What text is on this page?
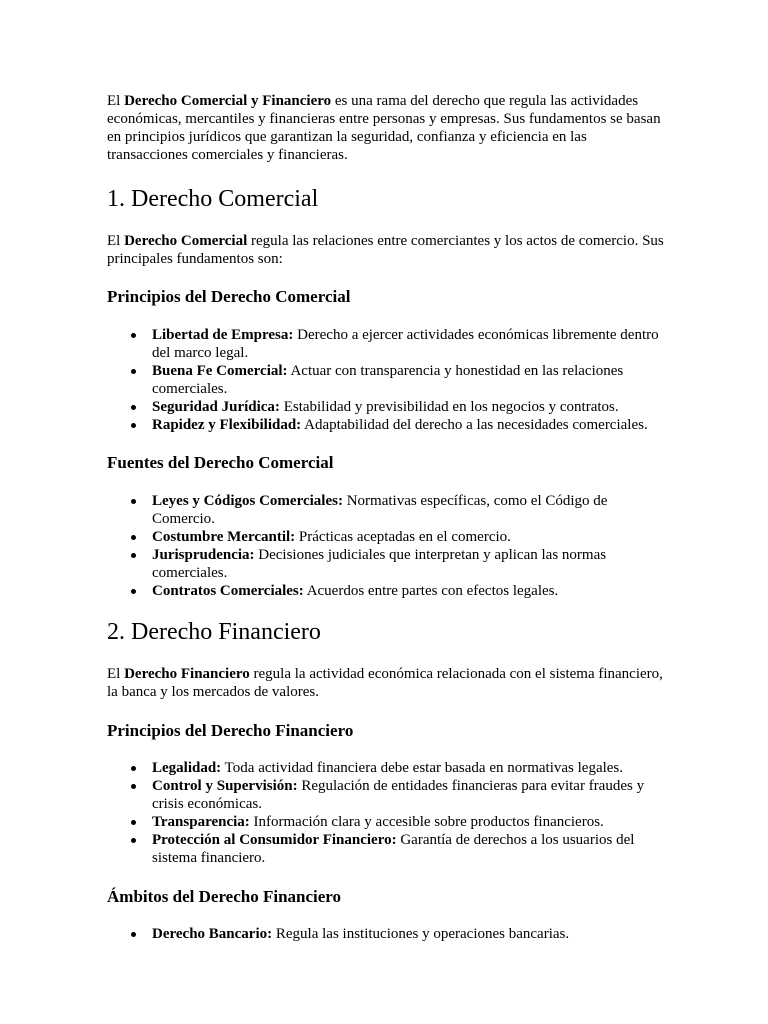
El Derecho Comercial y Financiero es una rama del derecho que regula las actividades económicas, mercantiles y financieras entre personas y empresas. Sus fundamentos se basan en principios jurídicos que garantizan la seguridad, confianza y eficiencia en las transacciones comerciales y financieras.

1. Derecho Comercial

El Derecho Comercial regula las relaciones entre comerciantes y los actos de comercio. Sus principales fundamentos son:

Principios del Derecho Comercial
Libertad de Empresa: Derecho a ejercer actividades económicas libremente dentro del marco legal.
Buena Fe Comercial: Actuar con transparencia y honestidad en las relaciones comerciales.
Seguridad Jurídica: Estabilidad y previsibilidad en los negocios y contratos.
Rapidez y Flexibilidad: Adaptabilidad del derecho a las necesidades comerciales.
Fuentes del Derecho Comercial
Leyes y Códigos Comerciales: Normativas específicas, como el Código de Comercio.
Costumbre Mercantil: Prácticas aceptadas en el comercio.
Jurisprudencia: Decisiones judiciales que interpretan y aplican las normas comerciales.
Contratos Comerciales: Acuerdos entre partes con efectos legales.
2. Derecho Financiero

El Derecho Financiero regula la actividad económica relacionada con el sistema financiero, la banca y los mercados de valores.

Principios del Derecho Financiero
Legalidad: Toda actividad financiera debe estar basada en normativas legales.
Control y Supervisión: Regulación de entidades financieras para evitar fraudes y crisis económicas.
Transparencia: Información clara y accesible sobre productos financieros.
Protección al Consumidor Financiero: Garantía de derechos a los usuarios del sistema financiero.
Ámbitos del Derecho Financiero
Derecho Bancario: Regula las instituciones y operaciones bancarias.
